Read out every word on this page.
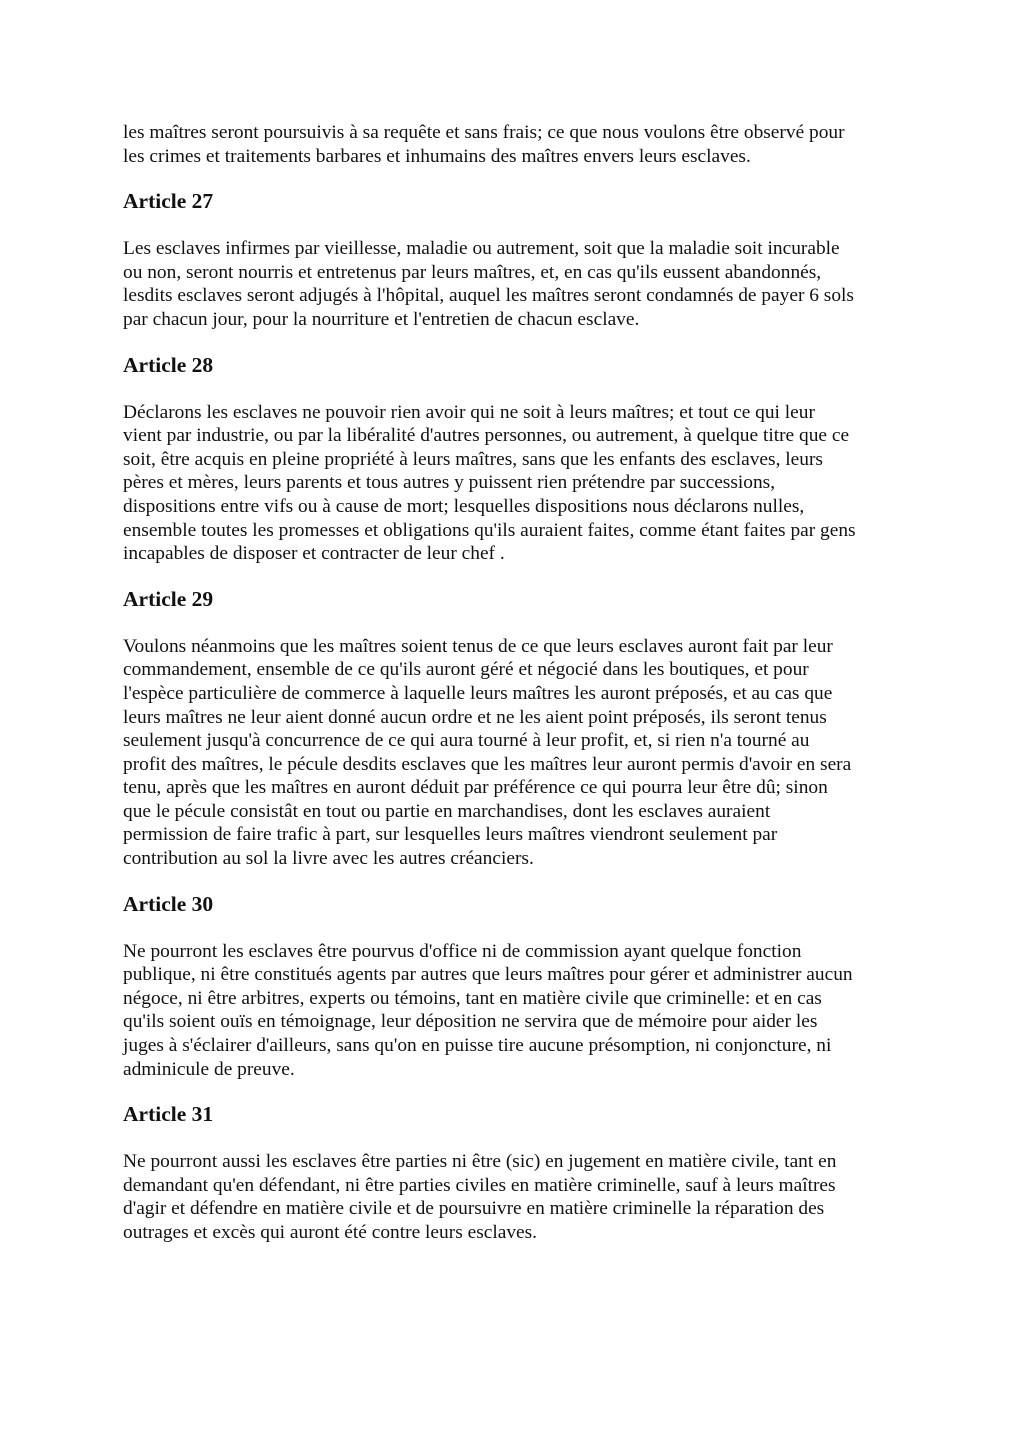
les maîtres seront poursuivis à sa requête et sans frais; ce que nous voulons être observé pour
les crimes et traitements barbares et inhumains des maîtres envers leurs esclaves.

Article 27

Les esclaves infirmes par vieillesse, maladie ou autrement, soit que la maladie soit incurable
ou non, seront nourris et entretenus par leurs maîtres, et, en cas qu'ils eussent abandonnés,
lesdits esclaves seront adjugés à l'hôpital, auquel les maîtres seront condamnés de payer 6 sols
par chacun jour, pour la nourriture et l'entretien de chacun esclave.

Article 28

Déclarons les esclaves ne pouvoir rien avoir qui ne soit à leurs maîtres; et tout ce qui leur
vient par industrie, ou par la libéralité d'autres personnes, ou autrement, à quelque titre que ce
soit, être acquis en pleine propriété à leurs maîtres, sans que les enfants des esclaves, leurs
pères et mères, leurs parents et tous autres y puissent rien prétendre par successions,
dispositions entre vifs ou à cause de mort; lesquelles dispositions nous déclarons nulles,
ensemble toutes les promesses et obligations qu'ils auraient faites, comme étant faites par gens
incapables de disposer et contracter de leur chef .

Article 29

Voulons néanmoins que les maîtres soient tenus de ce que leurs esclaves auront fait par leur
commandement, ensemble de ce qu'ils auront géré et négocié dans les boutiques, et pour
l'espèce particulière de commerce à laquelle leurs maîtres les auront préposés, et au cas que
leurs maîtres ne leur aient donné aucun ordre et ne les aient point préposés, ils seront tenus
seulement jusqu'à concurrence de ce qui aura tourné à leur profit, et, si rien n'a tourné au
profit des maîtres, le pécule desdits esclaves que les maîtres leur auront permis d'avoir en sera
tenu, après que les maîtres en auront déduit par préférence ce qui pourra leur être dû; sinon
que le pécule consistât en tout ou partie en marchandises, dont les esclaves auraient
permission de faire trafic à part, sur lesquelles leurs maîtres viendront seulement par
contribution au sol la livre avec les autres créanciers.

Article 30

Ne pourront les esclaves être pourvus d'office ni de commission ayant quelque fonction
publique, ni être constitués agents par autres que leurs maîtres pour gérer et administrer aucun
négoce, ni être arbitres, experts ou témoins, tant en matière civile que criminelle: et en cas
qu'ils soient ouïs en témoignage, leur déposition ne servira que de mémoire pour aider les
juges à s'éclairer d'ailleurs, sans qu'on en puisse tire aucune présomption, ni conjoncture, ni
adminicule de preuve.

Article 31

Ne pourront aussi les esclaves être parties ni être (sic) en jugement en matière civile, tant en
demandant qu'en défendant, ni être parties civiles en matière criminelle, sauf à leurs maîtres
d'agir et défendre en matière civile et de poursuivre en matière criminelle la réparation des
outrages et excès qui auront été contre leurs esclaves.
